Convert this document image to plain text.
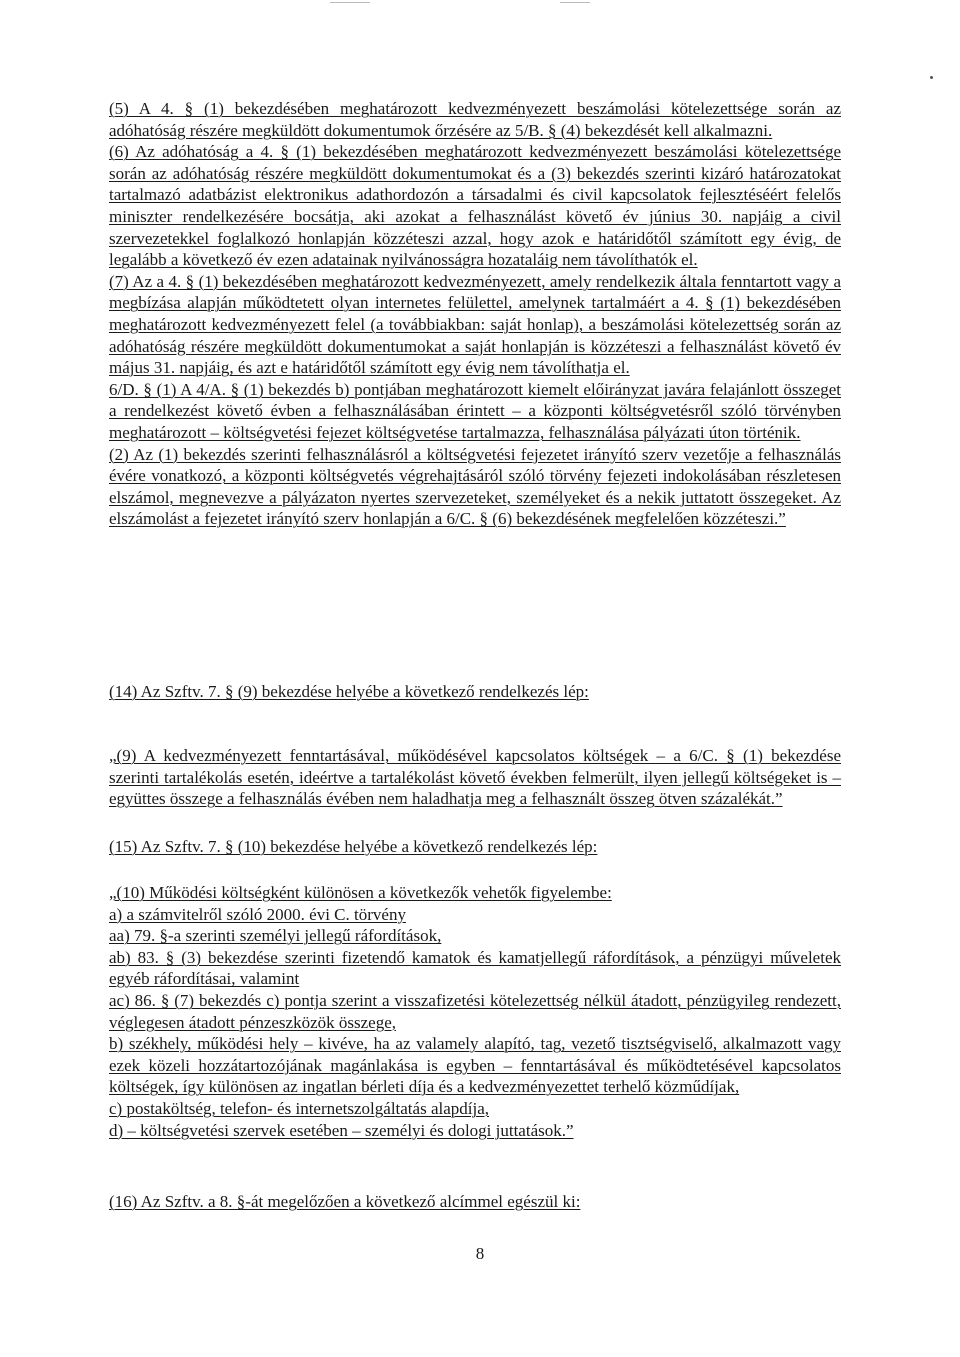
(5) A 4. § (1) bekezdésében meghatározott kedvezményezett beszámolási kötelezettsége során az adóhatóság részére megküldött dokumentumok őrzésére az 5/B. § (4) bekezdését kell alkalmazni.

(6) Az adóhatóság a 4. § (1) bekezdésében meghatározott kedvezményezett beszámolási kötelezettsége során az adóhatóság részére megküldött dokumentumokat és a (3) bekezdés szerinti kizáró határozatokat tartalmazó adatbázist elektronikus adathordozón a társadalmi és civil kapcsolatok fejlesztéséért felelős miniszter rendelkezésére bocsátja, aki azokat a felhasználást követő év június 30. napjáig a civil szervezetekkel foglalkozó honlapján közzéteszi azzal, hogy azok e határidőtől számított egy évig, de legalább a következő év ezen adatainak nyilvánosságra hozataláig nem távolíthatók el.

(7) Az a 4. § (1) bekezdésében meghatározott kedvezményezett, amely rendelkezik általa fenntartott vagy a megbízása alapján működtetett olyan internetes felülettel, amelynek tartalmáért a 4. § (1) bekezdésében meghatározott kedvezményezett felel (a továbbiakban: saját honlap), a beszámolási kötelezettség során az adóhatóság részére megküldött dokumentumokat a saját honlapján is közzéteszi a felhasználást követő év május 31. napjáig, és azt e határidőtől számított egy évig nem távolíthatja el.

6/D. § (1) A 4/A. § (1) bekezdés b) pontjában meghatározott kiemelt előirányzat javára felajánlott összeget a rendelkezést követő évben a felhasználásában érintett – a központi költségvetésről szóló törvényben meghatározott – költségvetési fejezet költségvetése tartalmazza, felhasználása pályázati úton történik.

(2) Az (1) bekezdés szerinti felhasználásról a költségvetési fejezetet irányító szerv vezetője a felhasználás évére vonatkozó, a központi költségvetés végrehajtásáról szóló törvény fejezeti indokolásában részletesen elszámol, megnevezve a pályázaton nyertes szervezeteket, személyeket és a nekik juttatott összegeket. Az elszámolást a fejezetet irányító szerv honlapján a 6/C. § (6) bekezdésének megfelelően közzéteszi.”

(14) Az Szftv. 7. § (9) bekezdése helyébe a következő rendelkezés lép:

„(9) A kedvezményezett fenntartásával, működésével kapcsolatos költségek – a 6/C. § (1) bekezdése szerinti tartalékolás esetén, ideértve a tartalékolást követő években felmerült, ilyen jellegű költségeket is – együttes összege a felhasználás évében nem haladhatja meg a felhasznált összeg ötven százalékát.”

(15) Az Szftv. 7. § (10) bekezdése helyébe a következő rendelkezés lép:

„(10) Működési költségként különösen a következők vehetők figyelembe:

a) a számvitelről szóló 2000. évi C. törvény

aa) 79. §-a szerinti személyi jellegű ráfordítások,

ab) 83. § (3) bekezdése szerinti fizetendő kamatok és kamatjellegű ráfordítások, a pénzügyi műveletek egyéb ráfordításai, valamint

ac) 86. § (7) bekezdés c) pontja szerint a visszafizetési kötelezettség nélkül átadott, pénzügyileg rendezett, véglegesen átadott pénzeszközök összege,

b) székhely, működési hely – kivéve, ha az valamely alapító, tag, vezető tisztségviselő, alkalmazott vagy ezek közeli hozzátartozójának magánlakása is egyben – fenntartásával és működtetésével kapcsolatos költségek, így különösen az ingatlan bérleti díja és a kedvezményezettet terhelő közműdíjak,

c) postaköltség, telefon- és internetszolgáltatás alapdíja,

d) – költségvetési szervek esetében – személyi és dologi juttatások.”

(16) Az Szftv. a 8. §-át megelőzően a következő alcímmel egészül ki:
8
